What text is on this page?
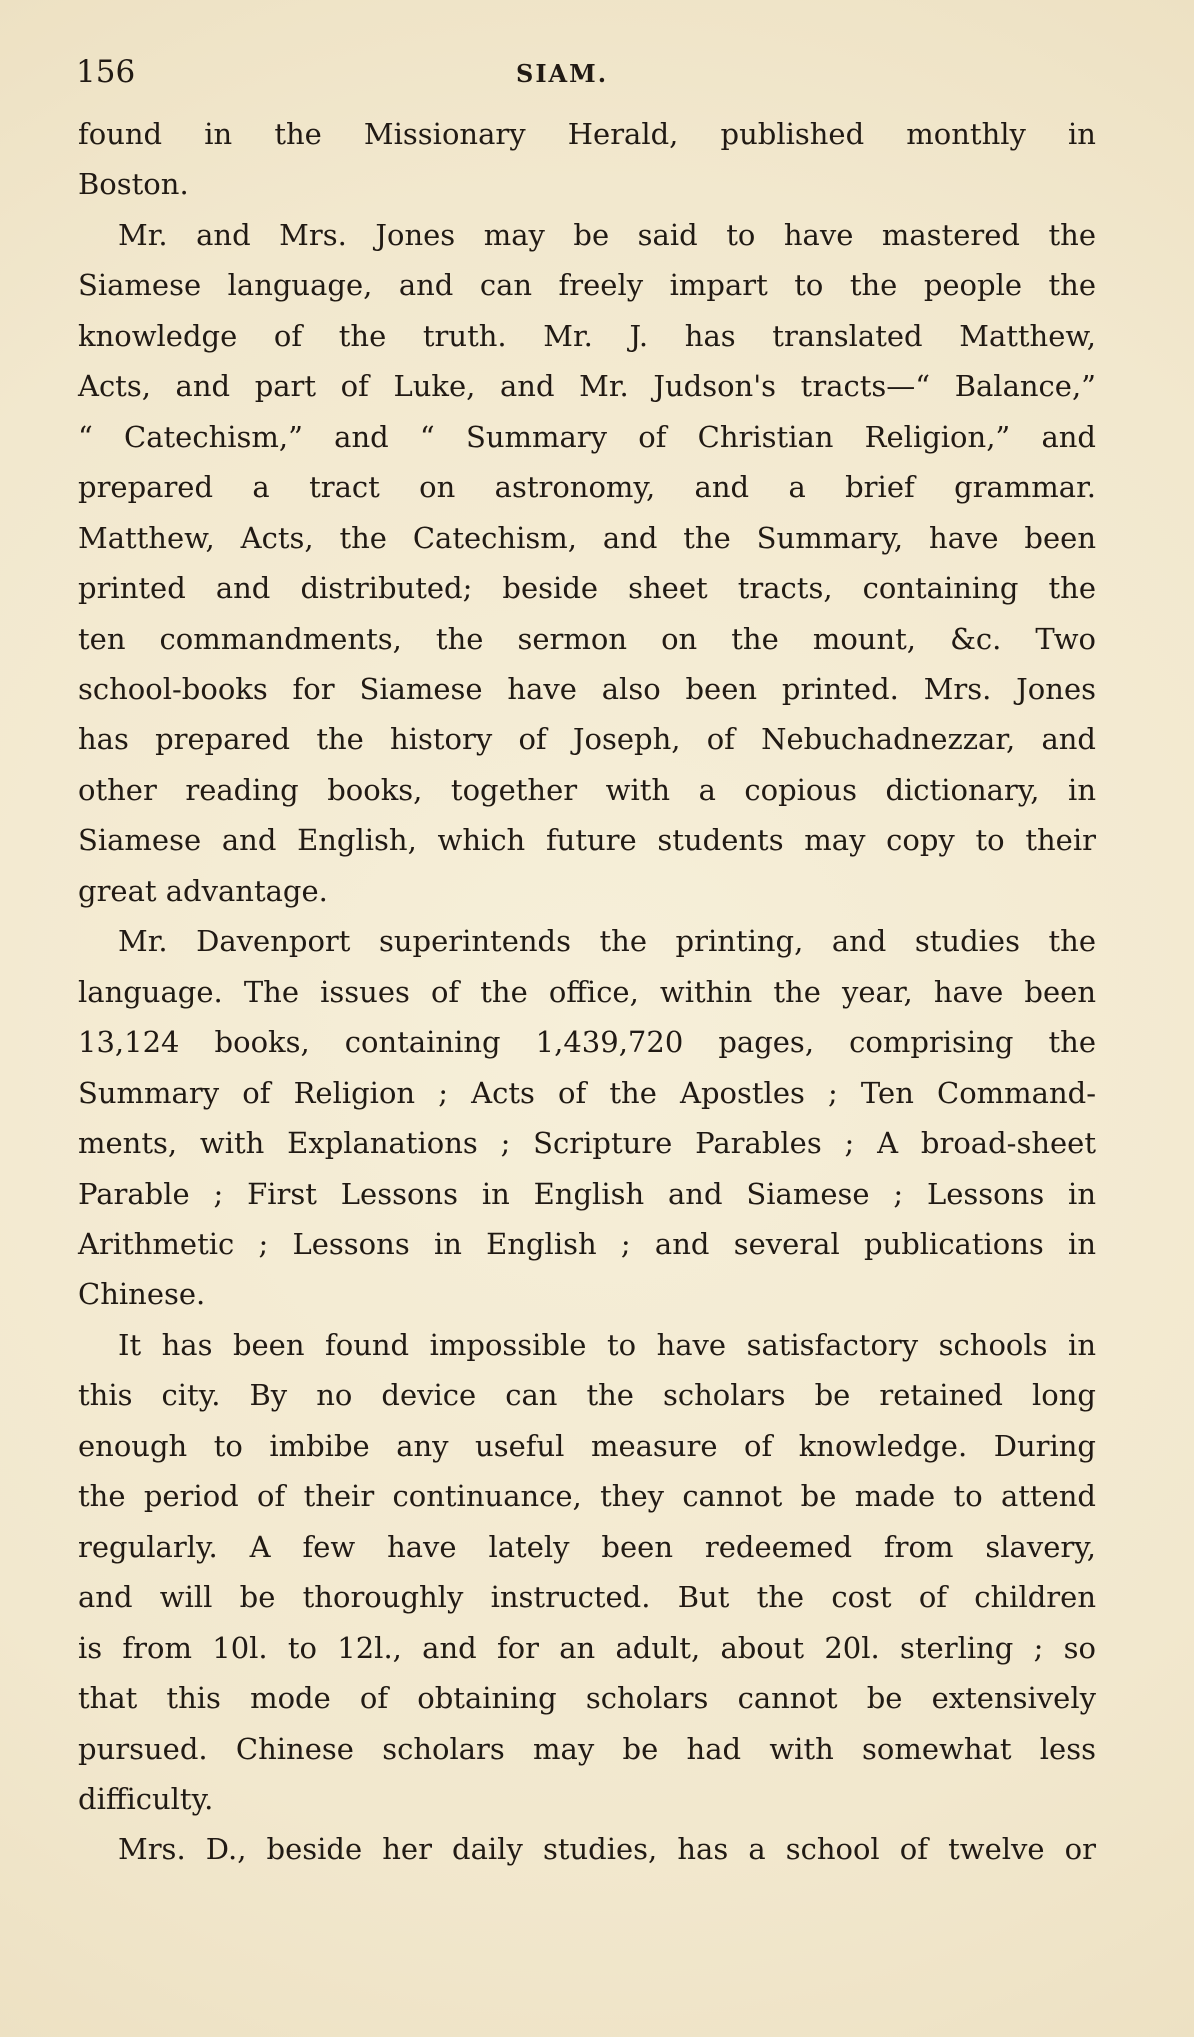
156	SIAM.
found in the Missionary Herald, published monthly in
Boston.
Mr. and Mrs. Jones may be said to have mastered the
Siamese language, and can freely impart to the people the
knowledge of the truth. Mr. J. has translated Matthew,
Acts, and part of Luke, and Mr. Judson's tracts—“ Balance,”
“ Catechism,” and “ Summary of Christian Religion,” and
prepared a tract on astronomy, and a brief grammar.
Matthew, Acts, the Catechism, and the Summary, have been
printed and distributed; beside sheet tracts, containing the
ten commandments, the sermon on the mount, &c. Two
school-books for Siamese have also been printed. Mrs. Jones
has prepared the history of Joseph, of Nebuchadnezzar, and
other reading books, together with a copious dictionary, in
Siamese and English, which future students may copy to their
great advantage.
Mr. Davenport superintends the printing, and studies the
language. The issues of the office, within the year, have been
13,124 books, containing 1,439,720 pages, comprising the
Summary of Religion ; Acts of the Apostles ; Ten Command-
ments, with Explanations ; Scripture Parables ; A broad-sheet
Parable ; First Lessons in English and Siamese ; Lessons in
Arithmetic ; Lessons in English ; and several publications in
Chinese.
It has been found impossible to have satisfactory schools in
this city. By no device can the scholars be retained long
enough to imbibe any useful measure of knowledge. During
the period of their continuance, they cannot be made to attend
regularly. A few have lately been redeemed from slavery,
and will be thoroughly instructed. But the cost of children
is from 10l. to 12l., and for an adult, about 20l. sterling ; so
that this mode of obtaining scholars cannot be extensively
pursued. Chinese scholars may be had with somewhat less
difficulty.
Mrs. D., beside her daily studies, has a school of twelve or
